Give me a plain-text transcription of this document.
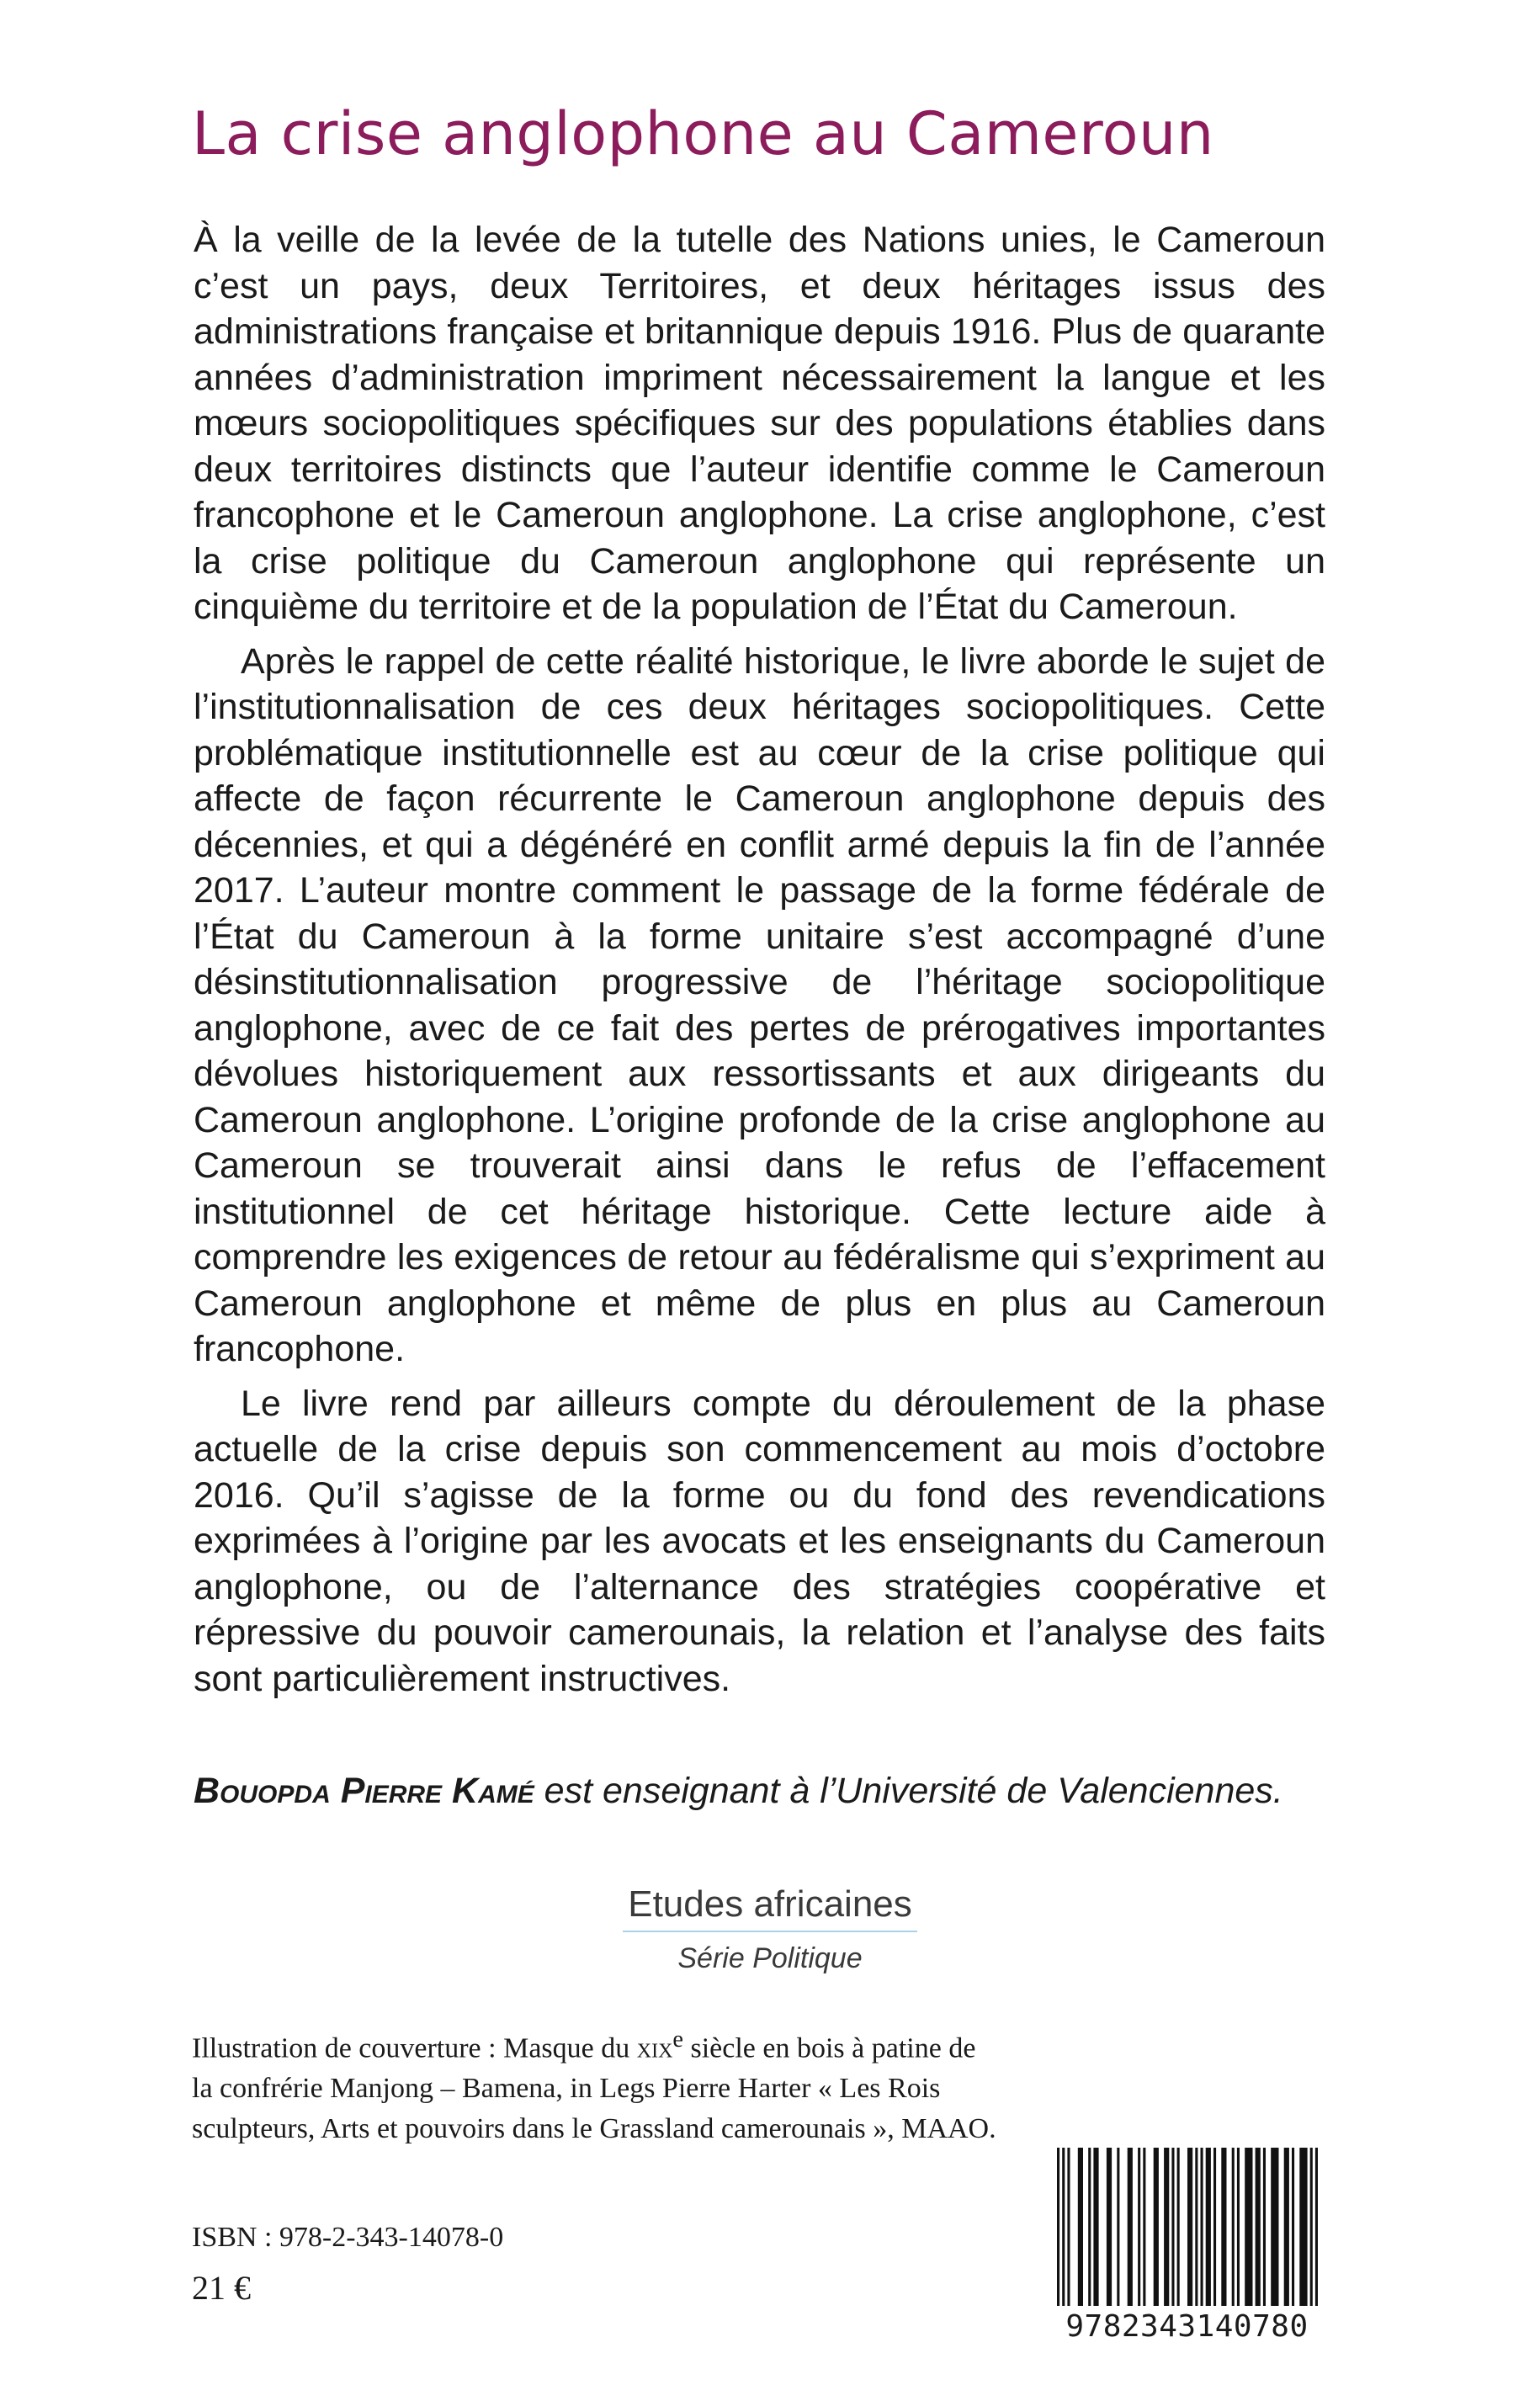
La crise anglophone au Cameroun

À la veille de la levée de la tutelle des Nations unies, le Cameroun c’est un pays, deux Territoires, et deux héritages issus des administrations française et britannique depuis 1916. Plus de quarante années d’administration impriment nécessairement la langue et les mœurs sociopolitiques spécifiques sur des populations établies dans deux territoires distincts que l’auteur identifie comme le Cameroun francophone et le Cameroun anglophone. La crise anglophone, c’est la crise politique du Cameroun anglophone qui représente un cinquième du territoire et de la population de l’État du Cameroun.

Après le rappel de cette réalité historique, le livre aborde le sujet de l’institutionnalisation de ces deux héritages sociopolitiques. Cette problématique institutionnelle est au cœur de la crise politique qui affecte de façon récurrente le Cameroun anglophone depuis des décennies, et qui a dégénéré en conflit armé depuis la fin de l’année 2017. L’auteur montre comment le passage de la forme fédérale de l’État du Cameroun à la forme unitaire s’est accompagné d’une désinstitutionnalisation progressive de l’héritage sociopolitique anglophone, avec de ce fait des pertes de prérogatives importantes dévolues historiquement aux ressortissants et aux dirigeants du Cameroun anglophone. L’origine profonde de la crise anglophone au Cameroun se trouverait ainsi dans le refus de l’effacement institutionnel de cet héritage historique. Cette lecture aide à comprendre les exigences de retour au fédéralisme qui s’expriment au Cameroun anglophone et même de plus en plus au Cameroun francophone.

Le livre rend par ailleurs compte du déroulement de la phase actuelle de la crise depuis son commencement au mois d’octobre 2016. Qu’il s’agisse de la forme ou du fond des revendications exprimées à l’origine par les avocats et les enseignants du Cameroun anglophone, ou de l’alternance des stratégies coopérative et répressive du pouvoir camerounais, la relation et l’analyse des faits sont particulièrement instructives.

Bouopda Pierre Kamé est enseignant à l’Université de Valenciennes.

Etudes africaines
Série Politique

Illustration de couverture : Masque du xix$^e$ siècle en bois à patine de la confrérie Manjong – Bamena, in Legs Pierre Harter « Les Rois sculpteurs, Arts et pouvoirs dans le Grassland camerounais », MAAO.

ISBN : 978-2-343-14078-0

21 €

9782343140780
